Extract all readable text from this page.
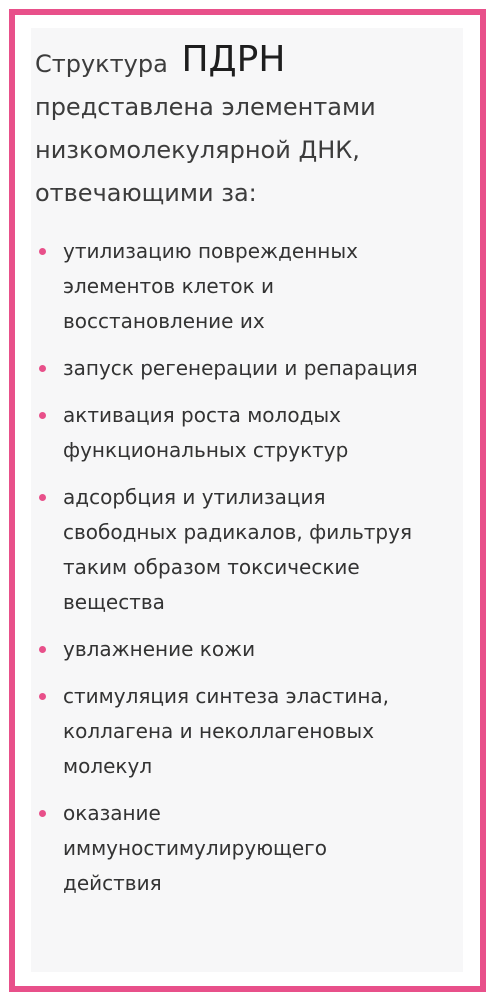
Структура ПДРН представлена элементами низкомолекулярной ДНК, отвечающими за:
утилизацию поврежденных элементов клеток и восстановление их
запуск регенерации и репарация
активация роста молодых функциональных структур
адсорбция и утилизация свободных радикалов, фильтруя таким образом токсические вещества
увлажнение кожи
стимуляция синтеза эластина, коллагена и неколлагеновых молекул
оказание иммуностимулирующего действия
